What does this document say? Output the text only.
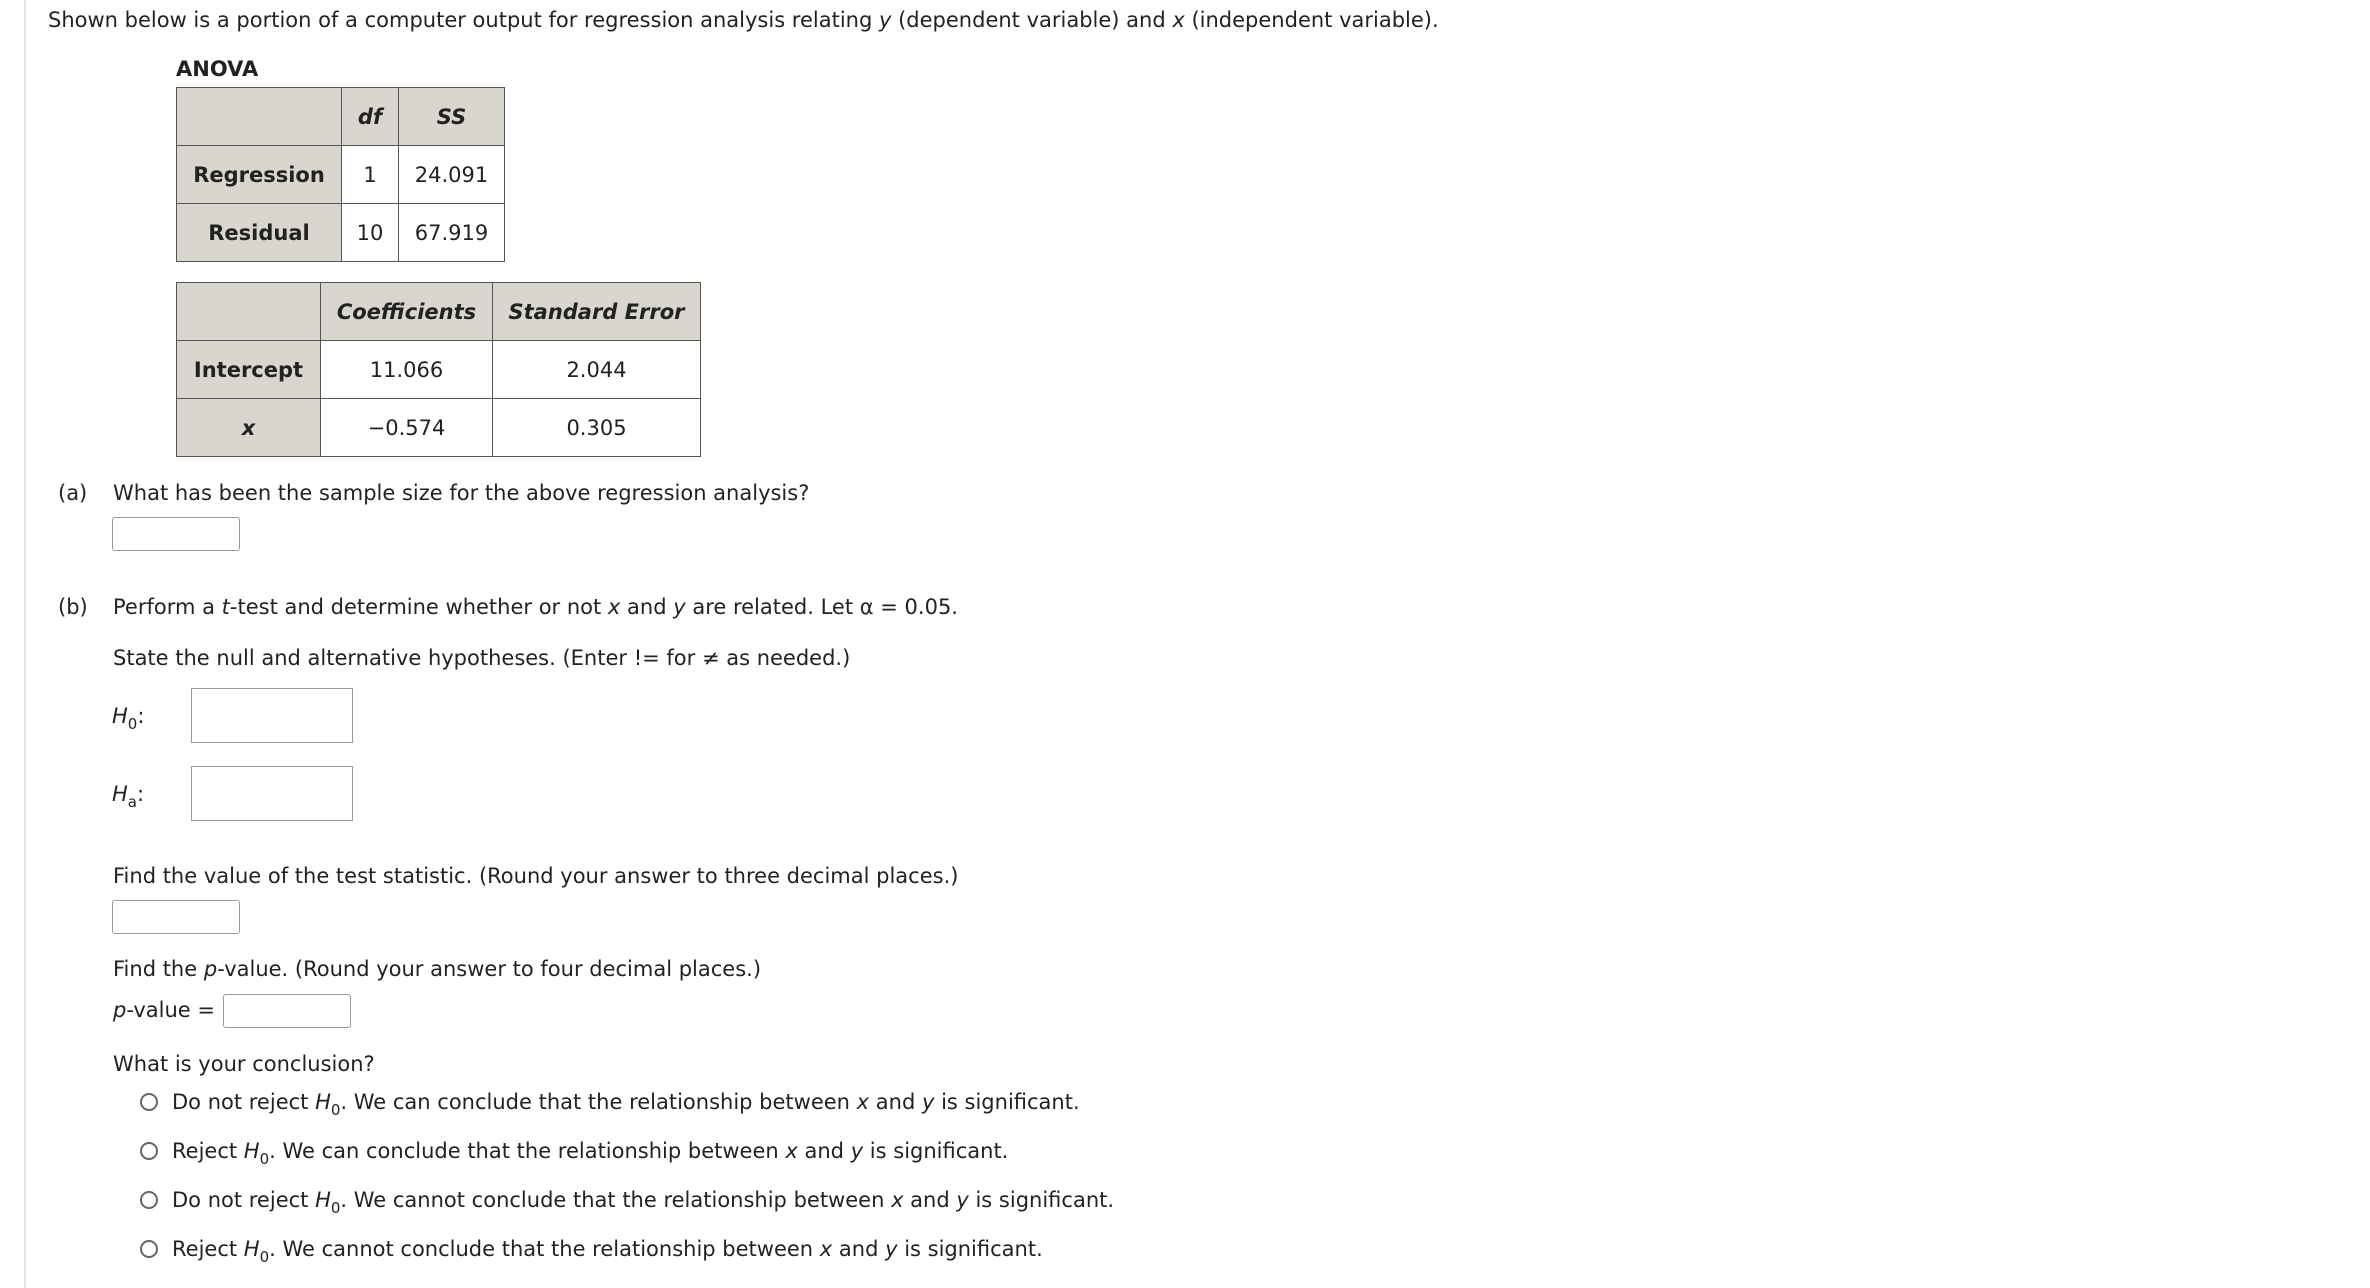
Shown below is a portion of a computer output for regression analysis relating y (dependent variable) and x (independent variable).
ANOVA
	df	SS
Regression	1	24.091
Residual	10	67.919
	Coefficients	Standard Error
Intercept	11.066	2.044
x	−0.574	0.305
(a) What has been the sample size for the above regression analysis?
(b) Perform a t-test and determine whether or not x and y are related. Let α = 0.05.
State the null and alternative hypotheses. (Enter != for ≠ as needed.)
$H_0$:
$H_a$:
Find the value of the test statistic. (Round your answer to three decimal places.)
Find the p-value. (Round your answer to four decimal places.)
p-value =
What is your conclusion?
Do not reject $H_0$. We can conclude that the relationship between x and y is significant.
Reject $H_0$. We can conclude that the relationship between x and y is significant.
Do not reject $H_0$. We cannot conclude that the relationship between x and y is significant.
Reject $H_0$. We cannot conclude that the relationship between x and y is significant.
